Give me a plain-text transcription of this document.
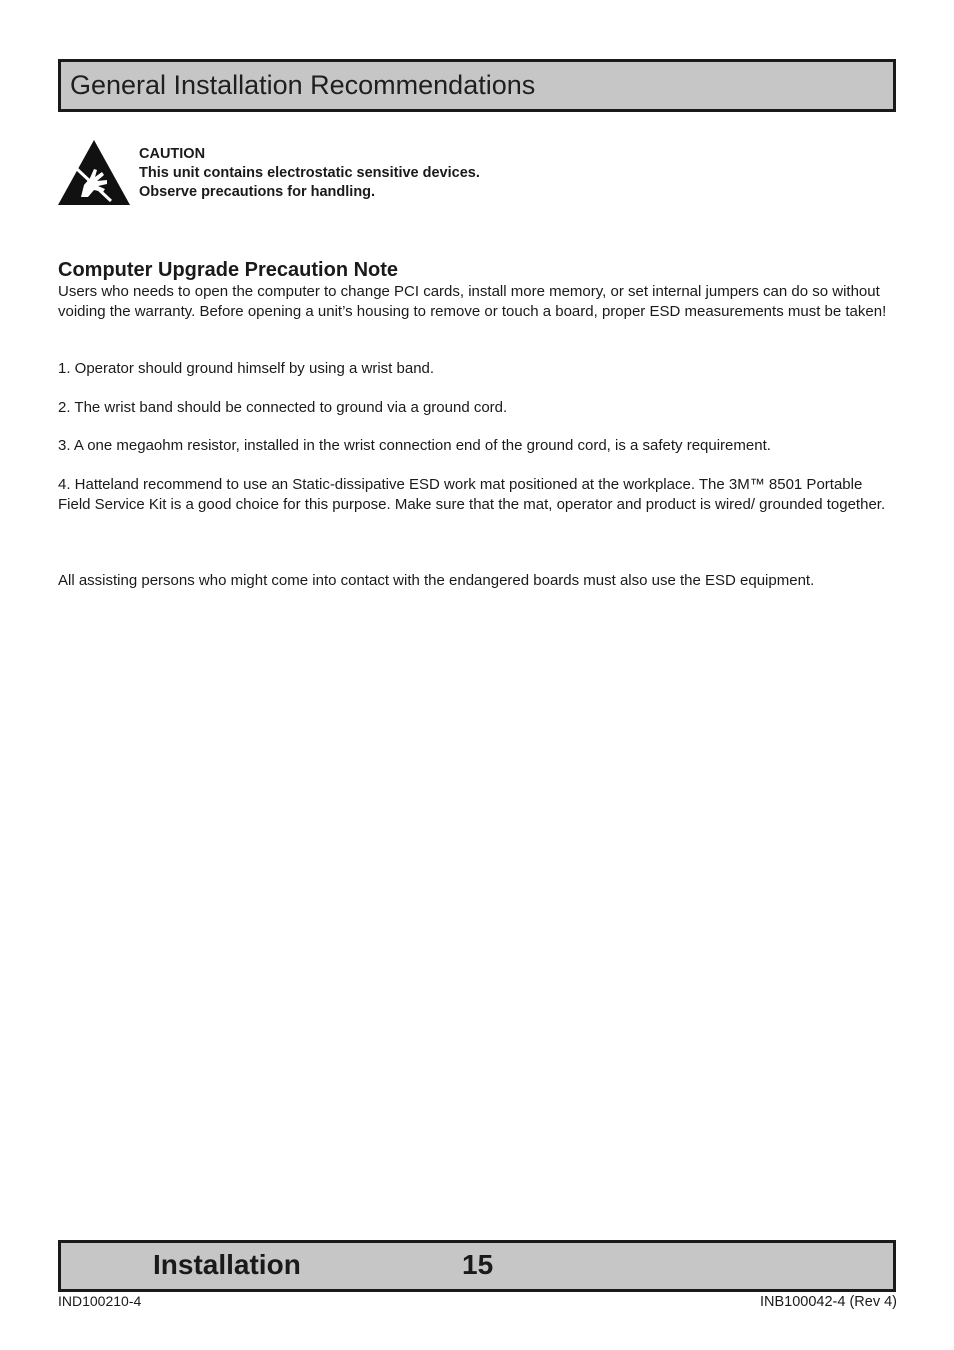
General Installation Recommendations
CAUTION
This unit contains electrostatic sensitive devices.
Observe precautions for handling.
Computer Upgrade Precaution Note
Users who needs to open the computer to change PCI cards, install more memory, or set internal jumpers can do so without voiding the warranty. Before opening a unit’s housing to remove or touch a board, proper ESD measurements must be taken!
1. Operator should ground himself by using a wrist band.
2. The wrist band should be connected to ground via a ground cord.
3. A one megaohm resistor, installed in the wrist connection end of the ground cord, is a safety requirement.
4. Hatteland recommend to use an Static-dissipative ESD work mat positioned at the workplace. The 3M™ 8501 Portable Field Service Kit is a good choice for this purpose. Make sure that the mat, operator and product is wired/ grounded together.
All assisting persons who might come into contact with the endangered boards must also use the ESD equipment.
Installation	15
IND100210-4	INB100042-4 (Rev 4)
